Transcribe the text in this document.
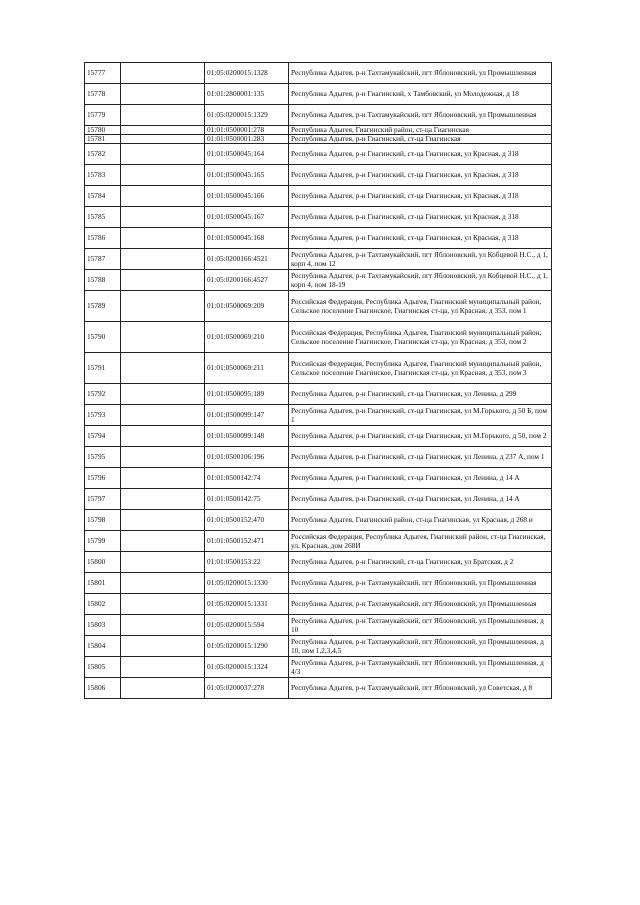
15777		01:05:0200015:1328	Республика Адыгея, р-н Тахтамукайский, пгт Яблоновский, ул Промышленная
15778		01:01:2800001:135	Республика Адыгея, р-н Гиагинский, х Тамбовский, ул Молодежная, д 18
15779		01:05:0200015:1329	Республика Адыгея, р-н Тахтамукайский, пгт Яблоновский, ул Промышленная
15780		01:01:0500001:278	Республика Адыгея, Гиагинский район, ст-ца Гиагинская
15781		01:01:0500001:283	Республика Адыгея, р-н Гиагинский, ст-ца Гиагинская
15782		01:01:0500045:164	Республика Адыгея, р-н Гиагинский, ст-ца Гиагинская, ул Красная, д 318
15783		01:01:0500045:165	Республика Адыгея, р-н Гиагинский, ст-ца Гиагинская, ул Красная, д 318
15784		01:01:0500045:166	Республика Адыгея, р-н Гиагинский, ст-ца Гиагинская, ул Красная, д 318
15785		01:01:0500045:167	Республика Адыгея, р-н Гиагинский, ст-ца Гиагинская, ул Красная, д 318
15786		01:01:0500045:168	Республика Адыгея, р-н Гиагинский, ст-ца Гиагинская, ул Красная, д 318
15787		01:05:0200166:4521	Республика Адыгея, р-н Тахтамукайский, пгт Яблоновский, ул Кобцевой Н.С., д 1, корп 4, пом 12
15788		01:05:0200166:4527	Республика Адыгея, р-н Тахтамукайский, пгт Яблоновский, ул Кобцевой Н.С., д 1, корп 4, пом 18-19
15789		01:01:0500069:209	Российская Федерация, Республика Адыгея, Гиагинский муниципальный район, Сельское поселение Гиагинское, Гиагинская ст-ца, ул Красная, д 353, пом 1
15790		01:01:0500069:210	Российская Федерация, Республика Адыгея, Гиагинский муниципальный район, Сельское поселение Гиагинское, Гиагинская ст-ца, ул Красная, д 353, пом 2
15791		01:01:0500069:211	Российская Федерация, Республика Адыгея, Гиагинский муниципальный район, Сельское поселение Гиагинское, Гиагинская ст-ца, ул Красная, д 353, пом 3
15792		01:01:0500095:189	Республика Адыгея, р-н Гиагинский, ст-ца Гиагинская, ул Ленина, д 299
15793		01:01:0500099:147	Республика Адыгея, р-н Гиагинский, ст-ца Гиагинская, ул М.Горького, д 50 Б, пом 1
15794		01:01:0500099:148	Республика Адыгея, р-н Гиагинский, ст-ца Гиагинская, ул М.Горького, д 50, пом 2
15795		01:01:0500106:196	Республика Адыгея, р-н Гиагинский, ст-ца Гиагинская, ул Ленина, д 237 А, пом 1
15796		01:01:0500142:74	Республика Адыгея, р-н Гиагинский, ст-ца Гиагинская, ул Ленина, д 14 А
15797		01:01:0500142:75	Республика Адыгея, р-н Гиагинский, ст-ца Гиагинская, ул Ленина, д 14 А
15798		01:01:0500152:470	Республика Адыгея, Гиагинский район, ст-ца Гиагинская, ул Красная, д 268 и
15799		01:01:0500152:471	Российская Федерация, Республика Адыгея, Гиагинский район, ст-ца Гиагинская, ул. Красная, дом 268И
15800		01:01:0500153:22	Республика Адыгея, р-н Гиагинский, ст-ца Гиагинская, ул Братская, д 2
15801		01:05:0200015:1330	Республика Адыгея, р-н Тахтамукайский, пгт Яблоновский, ул Промышленная
15802		01:05:0200015:1331	Республика Адыгея, р-н Тахтамукайский, пгт Яблоновский, ул Промышленная
15803		01:05:0200015:594	Республика Адыгея, р-н Тахтамукайский, пгт Яблоновский, ул Промышленная, д 10
15804		01:05:0200015:1290	Республика Адыгея, р-н Тахтамукайский, пгт Яблоновский, ул Промышленная, д 10, пом 1,2,3,4,5
15805		01:05:0200015:1324	Республика Адыгея, р-н Тахтамукайский, пгт Яблоновский, ул Промышленная, д 4/3
15806		01:05:0200037:278	Республика Адыгея, р-н Тахтамукайский, пгт Яблоновский, ул Советская, д 8
